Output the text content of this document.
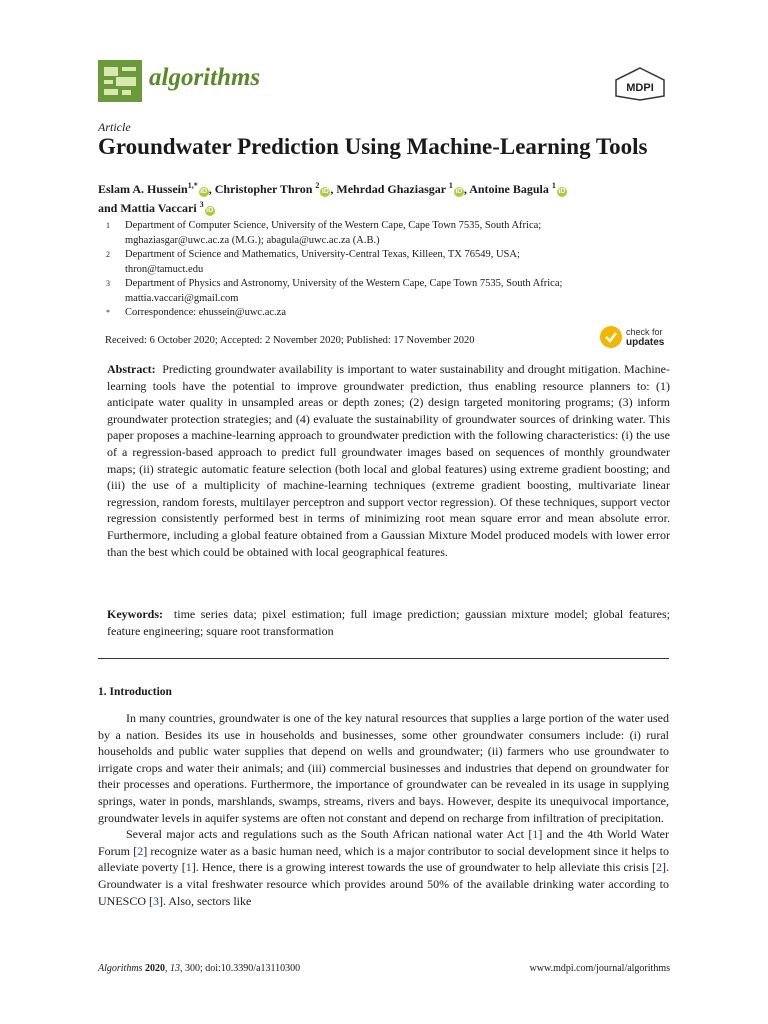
algorithms	MDPI
Article
Groundwater Prediction Using Machine-Learning Tools
Eslam A. Hussein$^{1,*}$iD , Christopher Thron $^2$iD , Mehrdad Ghaziasgar $^1$iD , Antoine Bagula $^1$iD
and Mattia Vaccari $^3$iD
1 Department of Computer Science, University of the Western Cape, Cape Town 7535, South Africa;
mghaziasgar@uwc.ac.za (M.G.); abagula@uwc.ac.za (A.B.)
2 Department of Science and Mathematics, University-Central Texas, Killeen, TX 76549, USA;
thron@tamuct.edu
3 Department of Physics and Astronomy, University of the Western Cape, Cape Town 7535, South Africa;
mattia.vaccari@gmail.com
* Correspondence: ehussein@uwc.ac.za
Received: 6 October 2020; Accepted: 2 November 2020; Published: 17 November 2020
check for
updates
Abstract: Predicting groundwater availability is important to water sustainability and drought mitigation. Machine-learning tools have the potential to improve groundwater prediction, thus enabling resource planners to: (1) anticipate water quality in unsampled areas or depth zones; (2) design targeted monitoring programs; (3) inform groundwater protection strategies; and (4) evaluate the sustainability of groundwater sources of drinking water. This paper proposes a machine-learning approach to groundwater prediction with the following characteristics: (i) the use of a regression-based approach to predict full groundwater images based on sequences of monthly groundwater maps; (ii) strategic automatic feature selection (both local and global features) using extreme gradient boosting; and (iii) the use of a multiplicity of machine-learning techniques (extreme gradient boosting, multivariate linear regression, random forests, multilayer perceptron and support vector regression). Of these techniques, support vector regression consistently performed best in terms of minimizing root mean square error and mean absolute error. Furthermore, including a global feature obtained from a Gaussian Mixture Model produced models with lower error than the best which could be obtained with local geographical features.
Keywords: time series data; pixel estimation; full image prediction; gaussian mixture model; global features; feature engineering; square root transformation
1. Introduction

In many countries, groundwater is one of the key natural resources that supplies a large portion of the water used by a nation. Besides its use in households and businesses, some other groundwater consumers include: (i) rural households and public water supplies that depend on wells and groundwater; (ii) farmers who use groundwater to irrigate crops and water their animals; and (iii) commercial businesses and industries that depend on groundwater for their processes and operations. Furthermore, the importance of groundwater can be revealed in its usage in supplying springs, water in ponds, marshlands, swamps, streams, rivers and bays. However, despite its unequivocal importance, groundwater levels in aquifer systems are often not constant and depend on recharge from infiltration of precipitation.

Several major acts and regulations such as the South African national water Act [1] and the 4th World Water Forum [2] recognize water as a basic human need, which is a major contributor to social development since it helps to alleviate poverty [1]. Hence, there is a growing interest towards the use of groundwater to help alleviate this crisis [2]. Groundwater is a vital freshwater resource which provides around 50% of the available drinking water according to UNESCO [3]. Also, sectors like

Algorithms 2020, 13, 300; doi:10.3390/a13110300	www.mdpi.com/journal/algorithms
